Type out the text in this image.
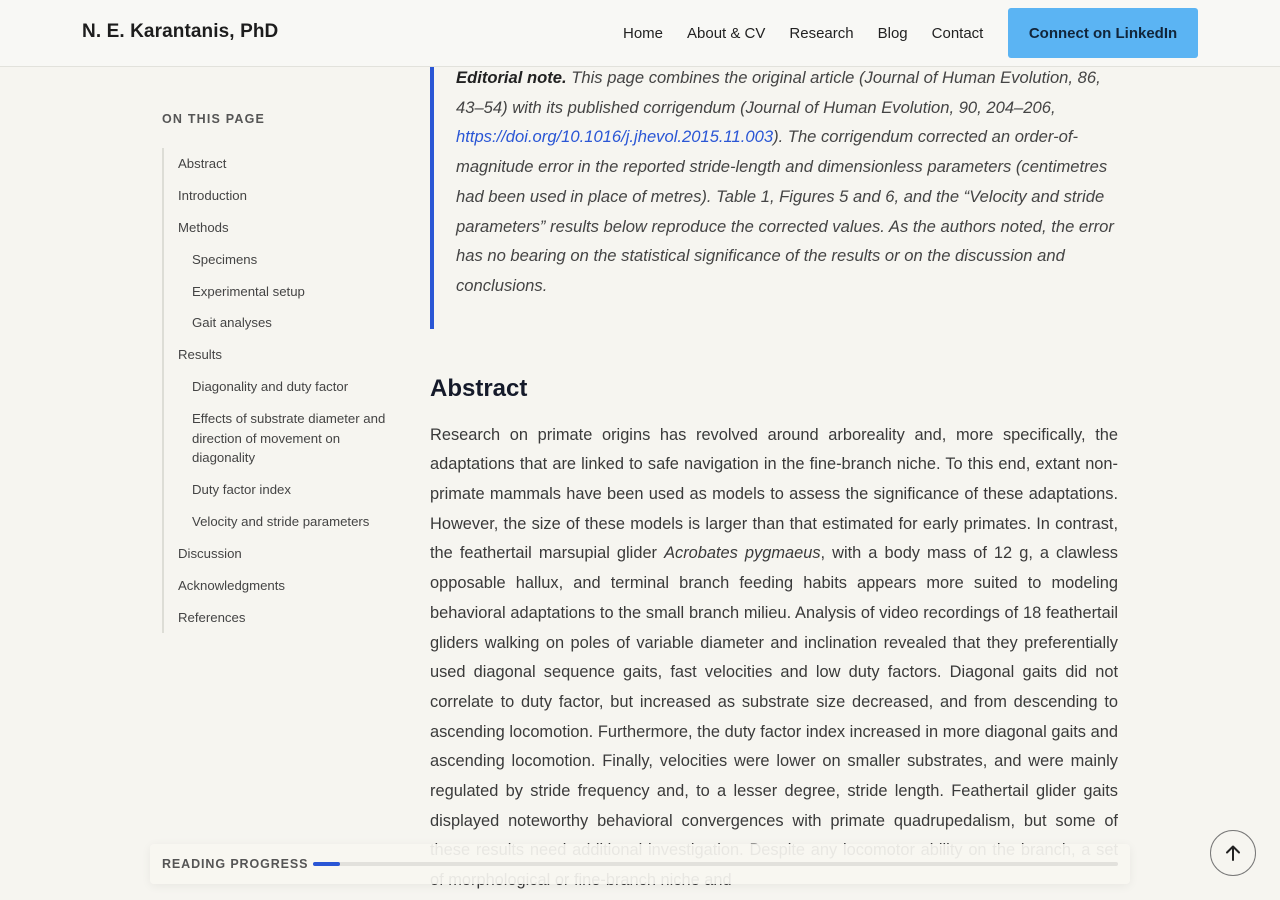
N. E. Karantanis, PhD	Home	About & CV	Research	Blog	Contact	Connect on LinkedIn
ON THIS PAGE
Abstract
Introduction
Methods
Specimens
Experimental setup
Gait analyses
Results
Diagonality and duty factor
Effects of substrate diameter and direction of movement on diagonality
Duty factor index
Velocity and stride parameters
Discussion
Acknowledgments
References

Editorial note. This page combines the original article (Journal of Human Evolution, 86, 43–54) with its published corrigendum (Journal of Human Evolution, 90, 204–206, https://doi.org/10.1016/j.jhevol.2015.11.003). The corrigendum corrected an order-of-magnitude error in the reported stride-length and dimensionless parameters (centimetres had been used in place of metres). Table 1, Figures 5 and 6, and the “Velocity and stride parameters” results below reproduce the corrected values. As the authors noted, the error has no bearing on the statistical significance of the results or on the discussion and conclusions.

Abstract

Research on primate origins has revolved around arboreality and, more specifically, the adaptations that are linked to safe navigation in the fine-branch niche. To this end, extant non-primate mammals have been used as models to assess the significance of these adaptations. However, the size of these models is larger than that estimated for early primates. In contrast, the feathertail marsupial glider Acrobates pygmaeus, with a body mass of 12 g, a clawless opposable hallux, and terminal branch feeding habits appears more suited to modeling behavioral adaptations to the small branch milieu. Analysis of video recordings of 18 feathertail gliders walking on poles of variable diameter and inclination revealed that they preferentially used diagonal sequence gaits, fast velocities and low duty factors. Diagonal gaits did not correlate to duty factor, but increased as substrate size decreased, and from descending to ascending locomotion. Furthermore, the duty factor index increased in more diagonal gaits and ascending locomotion. Finally, velocities were lower on smaller substrates, and were mainly regulated by stride frequency and, to a lesser degree, stride length. Feathertail glider gaits displayed noteworthy behavioral convergences with primate quadrupedalism, but some of

READING PROGRESS
